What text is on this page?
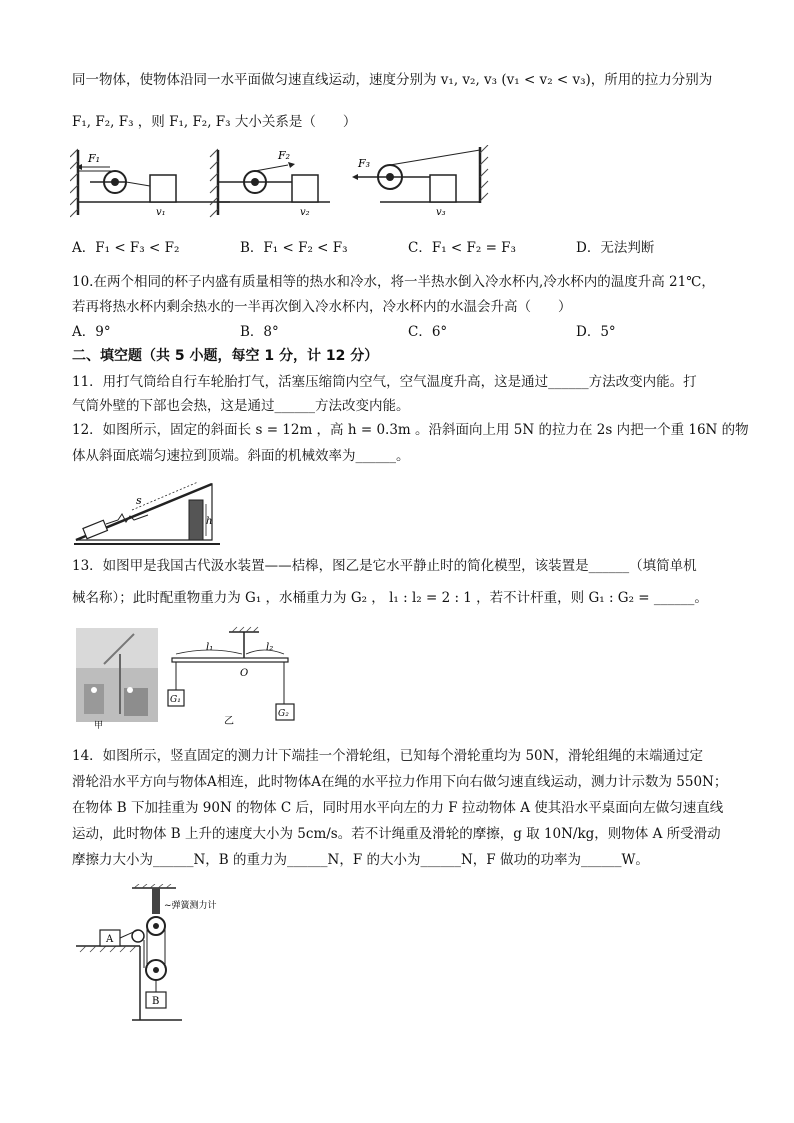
同一物体，使物体沿同一水平面做匀速直线运动，速度分别为 v₁, v₂, v₃ (v₁ < v₂ < v₃)，所用的拉力分别为
F₁, F₂, F₃ ，则 F₁, F₂, F₃ 大小关系是（　　）
F₁
v₁
F₂
v₂
F₃
v₃
A．F₁ < F₃ < F₂	B．F₁ < F₂ < F₃	C．F₁ < F₂ = F₃	D．无法判断
10.在两个相同的杯子内盛有质量相等的热水和冷水，将一半热水倒入冷水杯内,冷水杯内的温度升高 21℃，
若再将热水杯内剩余热水的一半再次倒入冷水杯内，冷水杯内的水温会升高（　　）
A．9°	B．8°	C．6°	D．5°
二、填空题（共 5 小题，每空 1 分，计 12 分）
11．用打气筒给自行车轮胎打气，活塞压缩筒内空气，空气温度升高，这是通过______方法改变内能。打
气筒外壁的下部也会热，这是通过______方法改变内能。
12．如图所示，固定的斜面长 s = 12m ，高 h = 0.3m 。沿斜面向上用 5N 的拉力在 2s 内把一个重 16N 的物
体从斜面底端匀速拉到顶端。斜面的机械效率为______。
s
h
13．如图甲是我国古代汲水装置——桔槔，图乙是它水平静止时的简化模型，该装置是______（填简单机
械名称）；此时配重物重力为 G₁ ，水桶重力为 G₂ ， l₁ : l₂ = 2 : 1 ，若不计杆重，则 G₁ : G₂ = ______。
甲
l₁	l₂
O
G₁
G₂
乙
14．如图所示，竖直固定的测力计下端挂一个滑轮组，已知每个滑轮重均为 50N，滑轮组绳的末端通过定
滑轮沿水平方向与物体A相连，此时物体A在绳的水平拉力作用下向右做匀速直线运动，测力计示数为 550N；
在物体 B 下加挂重为 90N 的物体 C 后，同时用水平向左的力 F 拉动物体 A 使其沿水平桌面向左做匀速直线
运动，此时物体 B 上升的速度大小为 5cm/s。若不计绳重及滑轮的摩擦，g 取 10N/kg，则物体 A 所受滑动
摩擦力大小为______N，B 的重力为______N，F 的大小为______N，F 做功的功率为______W。
~弹簧测力计
A
B
